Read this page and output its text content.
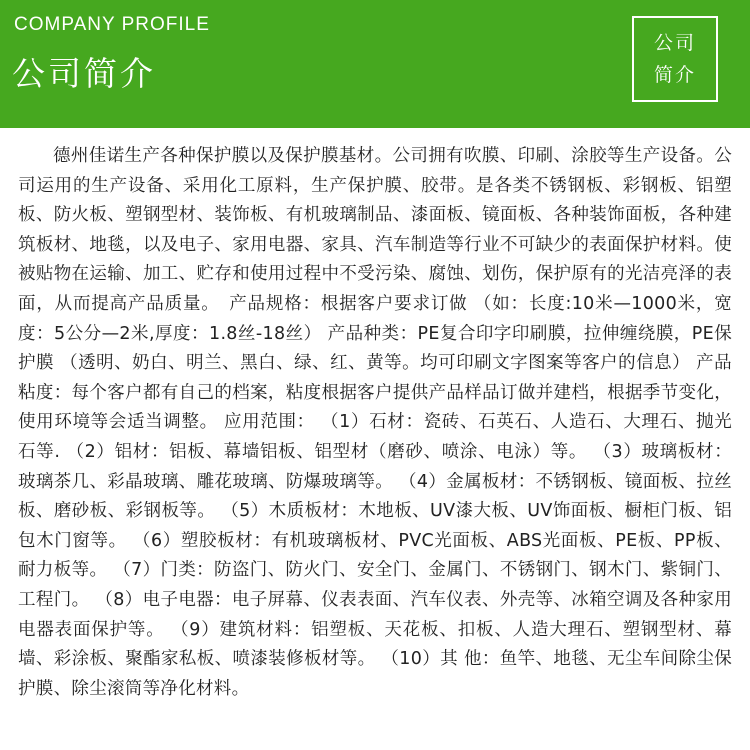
COMPANY PROFILE
公司简介
公司
简介

德州佳诺生产各种保护膜以及保护膜基材。公司拥有吹膜、印刷、涂胶等生产设备。公司运用的生产设备、采用化工原料，生产保护膜、胶带。是各类不锈钢板、彩钢板、铝塑板、防火板、塑钢型材、装饰板、有机玻璃制品、漆面板、镜面板、各种装饰面板，各种建筑板材、地毯，以及电子、家用电器、家具、汽车制造等行业不可缺少的表面保护材料。使被贴物在运输、加工、贮存和使用过程中不受污染、腐蚀、划伤，保护原有的光洁亮泽的表面，从而提高产品质量。　产品规格：根据客户要求订做 （如：长度:10米—1000米，宽度：5公分—2米,厚度：1.8丝-18丝） 产品种类：PE复合印字印刷膜，拉伸缠绕膜，PE保护膜 （透明、奶白、明兰、黑白、绿、红、黄等。均可印刷文字图案等客户的信息） 产品粘度：每个客户都有自己的档案，粘度根据客户提供产品样品订做并建档，根据季节变化，使用环境等会适当调整。 应用范围： （1）石材：瓷砖、石英石、人造石、大理石、抛光石等. （2）铝材：铝板、幕墙铝板、铝型材（磨砂、喷涂、电泳）等。 （3）玻璃板材：玻璃茶几、彩晶玻璃、雕花玻璃、防爆玻璃等。 （4）金属板材：不锈钢板、镜面板、拉丝板、磨砂板、彩钢板等。 （5）木质板材：木地板、UV漆大板、UV饰面板、橱柜门板、铝包木门窗等。 （6）塑胶板材：有机玻璃板材、PVC光面板、ABS光面板、PE板、PP板、耐力板等。 （7）门类：防盗门、防火门、安全门、金属门、不锈钢门、钢木门、紫铜门、工程门。 （8）电子电器：电子屏幕、仪表表面、汽车仪表、外壳等、冰箱空调及各种家用电器表面保护等。 （9）建筑材料：铝塑板、天花板、扣板、人造大理石、塑钢型材、幕墙、彩涂板、聚酯家私板、喷漆装修板材等。 （10）其 他：鱼竿、地毯、无尘车间除尘保护膜、除尘滚筒等净化材料。
